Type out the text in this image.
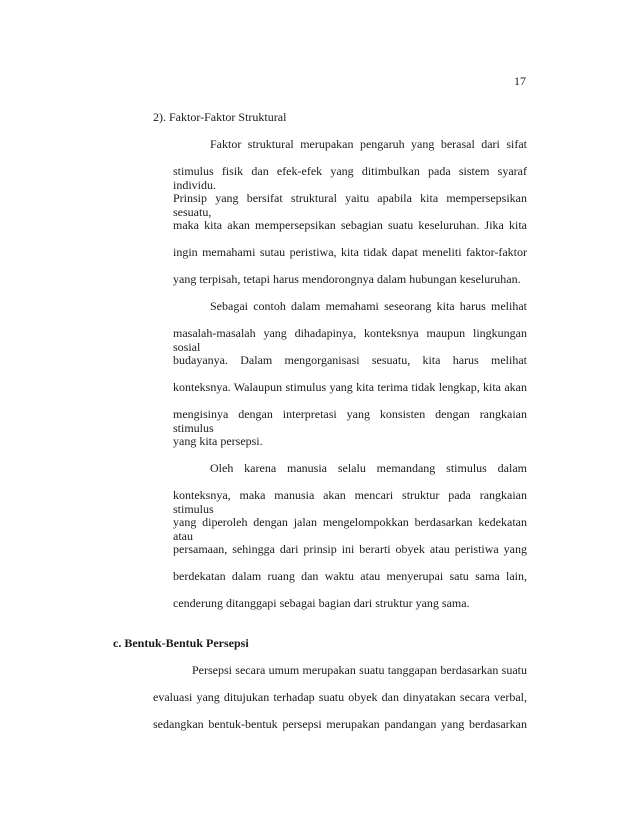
17
2). Faktor-Faktor Struktural
Faktor struktural merupakan pengaruh yang berasal dari sifat
stimulus fisik dan efek-efek yang ditimbulkan pada sistem syaraf individu.
Prinsip yang bersifat struktural yaitu apabila kita mempersepsikan sesuatu,
maka kita akan mempersepsikan sebagian suatu keseluruhan. Jika kita
ingin memahami sutau peristiwa, kita tidak dapat meneliti faktor-faktor
yang terpisah, tetapi harus mendorongnya dalam hubungan keseluruhan.
Sebagai contoh dalam memahami seseorang kita harus melihat
masalah-masalah yang dihadapinya, konteksnya maupun lingkungan sosial
budayanya. Dalam mengorganisasi sesuatu, kita harus melihat
konteksnya. Walaupun stimulus yang kita terima tidak lengkap, kita akan
mengisinya dengan interpretasi yang konsisten dengan rangkaian stimulus
yang kita persepsi.
Oleh karena manusia selalu memandang stimulus dalam
konteksnya, maka manusia akan mencari struktur pada rangkaian stimulus
yang diperoleh dengan jalan mengelompokkan berdasarkan kedekatan atau
persamaan, sehingga dari prinsip ini berarti obyek atau peristiwa yang
berdekatan dalam ruang dan waktu atau menyerupai satu sama lain,
cenderung ditanggapi sebagai bagian dari struktur yang sama.
c. Bentuk-Bentuk Persepsi
Persepsi secara umum merupakan suatu tanggapan berdasarkan suatu
evaluasi yang ditujukan terhadap suatu obyek dan dinyatakan secara verbal,
sedangkan bentuk-bentuk persepsi merupakan pandangan yang berdasarkan
